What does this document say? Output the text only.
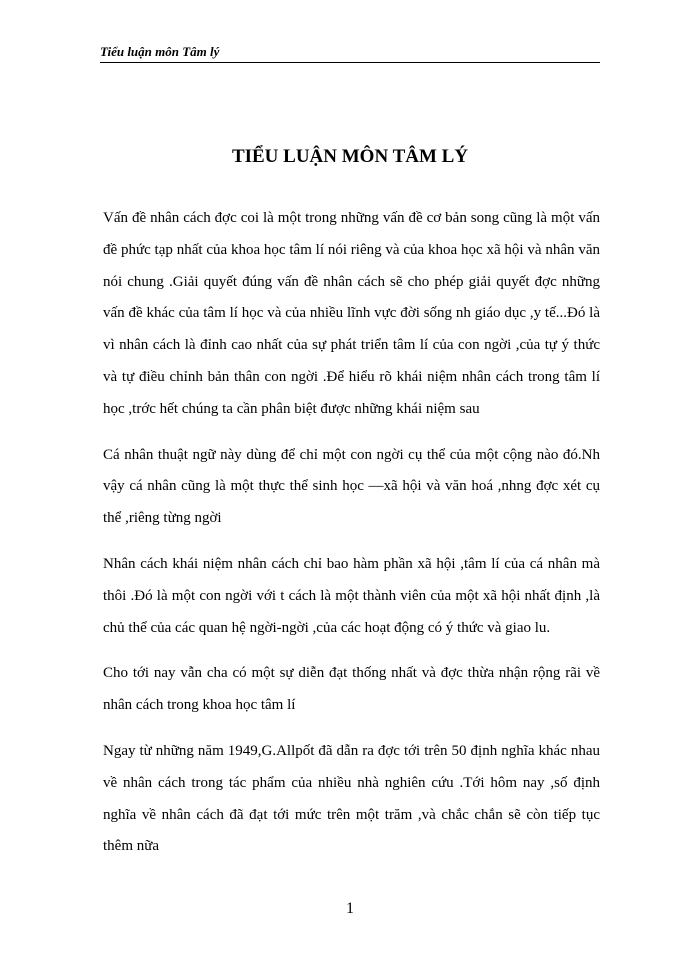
Tiểu luận môn Tâm lý
TIỂU LUẬN MÔN TÂM LÝ

Vấn đề nhân cách đợc coi là một trong những vấn đề cơ bản song cũng là một vấn đề phức tạp nhất của khoa học tâm lí nói riêng và của khoa học xã hội và nhân văn nói chung .Giải quyết đúng vấn đề nhân cách sẽ cho phép giải quyết đợc những vấn đề khác của tâm lí học và của nhiều lĩnh vực đời sống nh giáo dục ,y tế...Đó là vì nhân cách là đỉnh cao nhất của sự phát triển tâm lí của con ngời ,của tự ý thức và tự điều chỉnh bản thân con ngời .Để hiểu rõ khái niệm nhân cách trong tâm lí học ,trớc hết chúng ta cần phân biệt được những khái niệm sau

Cá nhân thuật ngữ này dùng để chỉ một con ngời cụ thể của một cộng nào đó.Nh vậy cá nhân cũng là một thực thể sinh học —xã hội và văn hoá ,nhng đợc xét cụ thể ,riêng từng ngời

Nhân cách khái niệm nhân cách chỉ bao hàm phần xã hội ,tâm lí của cá nhân mà thôi .Đó là một con ngời với t cách là một thành viên của một xã hội nhất định ,là chủ thể của các quan hệ ngời-ngời ,của các hoạt động có ý thức và giao lu.

Cho tới nay vẫn cha có một sự diễn đạt thống nhất và đợc thừa nhận rộng rãi về nhân cách trong khoa học tâm lí

Ngay từ những năm 1949,G.Allpốt đã dẫn ra đợc tới trên 50 định nghĩa khác nhau về nhân cách trong tác phẩm của nhiều nhà nghiên cứu .Tới hôm nay ,số định nghĩa về nhân cách đã đạt tới mức trên một trăm ,và chắc chắn sẽ còn tiếp tục thêm nữa

1
